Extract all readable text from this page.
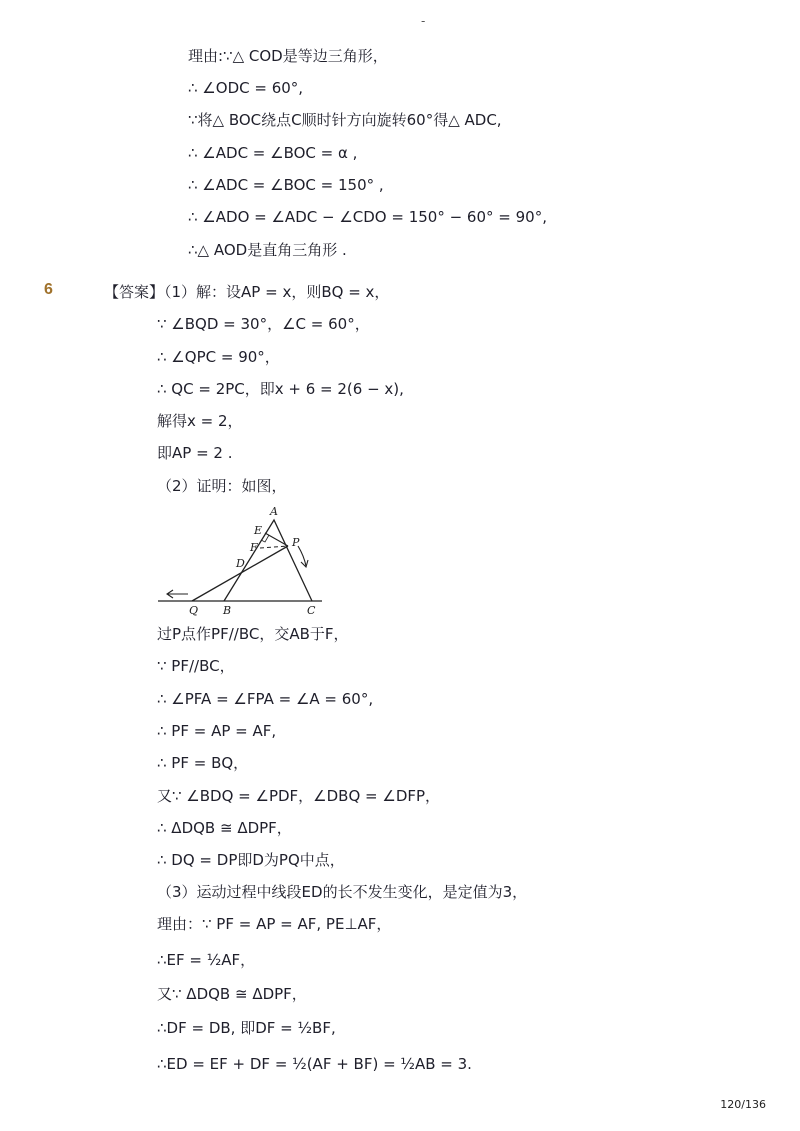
-
理由:∵△ COD是等边三角形，
∴ ∠ODC = 60°,
∵将△ BOC绕点C顺时针方向旋转60°得△ ADC,
∴ ∠ADC = ∠BOC = α ,
∴ ∠ADC = ∠BOC = 150° ,
∴ ∠ADO = ∠ADC − ∠CDO = 150° − 60° = 90°,
∴△ AOD是直角三角形 .
6	【答案】（1）解：设AP = x，则BQ = x，
∵ ∠BQD = 30°，∠C = 60°，
∴ ∠QPC = 90°，
∴ QC = 2PC，即x + 6 = 2(6 − x),
解得x = 2，
即AP = 2 .
（2）证明：如图，
A
E
F	P
D
Q B	C
过P点作PF//BC，交AB于F，
∵ PF//BC，
∴ ∠PFA = ∠FPA = ∠A = 60°,
∴ PF = AP = AF,
∴ PF = BQ，
又∵ ∠BDQ = ∠PDF，∠DBQ = ∠DFP，
∴ ΔDQB ≅ ΔDPF，
∴ DQ = DP即D为PQ中点，
（3）运动过程中线段ED的长不发生变化，是定值为3，
理由：∵ PF = AP = AF, PE⊥AF，
∴EF = ½AF，
又∵ ΔDQB ≅ ΔDPF，
∴DF = DB, 即DF = ½BF,
∴ED = EF + DF = ½(AF + BF) = ½AB = 3.
120/136
